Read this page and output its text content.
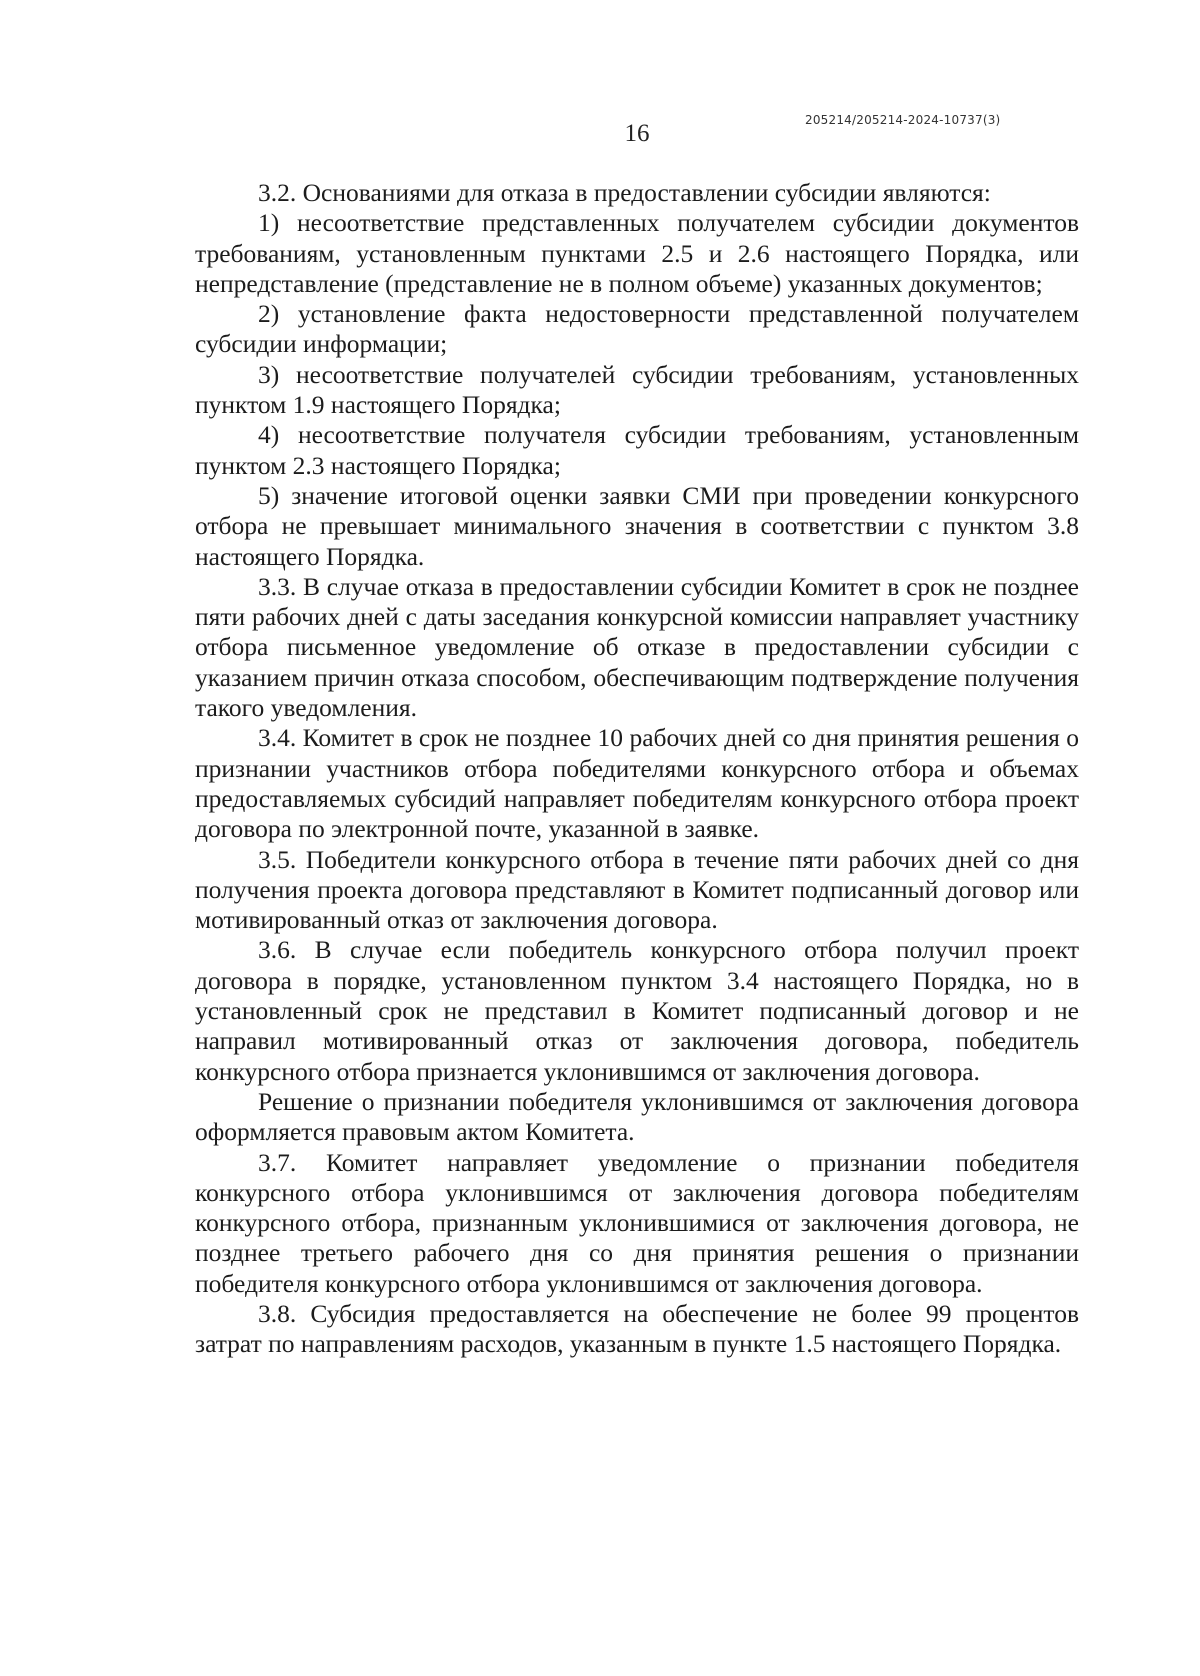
205214/205214-2024-10737(3)
16

3.2. Основаниями для отказа в предоставлении субсидии являются:

1) несоответствие представленных получателем субсидии документов требованиям, установленным пунктами 2.5 и 2.6 настоящего Порядка, или непредставление (представление не в полном объеме) указанных документов;

2) установление факта недостоверности представленной получателем субсидии информации;

3) несоответствие получателей субсидии требованиям, установленных пунктом 1.9 настоящего Порядка;

4) несоответствие получателя субсидии требованиям, установленным пунктом 2.3 настоящего Порядка;

5) значение итоговой оценки заявки СМИ при проведении конкурсного отбора не превышает минимального значения в соответствии с пунктом 3.8 настоящего Порядка.

3.3. В случае отказа в предоставлении субсидии Комитет в срок не позднее пяти рабочих дней с даты заседания конкурсной комиссии направляет участнику отбора письменное уведомление об отказе в предоставлении субсидии с указанием причин отказа способом, обеспечивающим подтверждение получения такого уведомления.

3.4. Комитет в срок не позднее 10 рабочих дней со дня принятия решения о признании участников отбора победителями конкурсного отбора и объемах предоставляемых субсидий направляет победителям конкурсного отбора проект договора по электронной почте, указанной в заявке.

3.5. Победители конкурсного отбора в течение пяти рабочих дней со дня получения проекта договора представляют в Комитет подписанный договор или мотивированный отказ от заключения договора.

3.6. В случае если победитель конкурсного отбора получил проект договора в порядке, установленном пунктом 3.4 настоящего Порядка, но в установленный срок не представил в Комитет подписанный договор и не направил мотивированный отказ от заключения договора, победитель конкурсного отбора признается уклонившимся от заключения договора.

Решение о признании победителя уклонившимся от заключения договора оформляется правовым актом Комитета.

3.7. Комитет направляет уведомление о признании победителя конкурсного отбора уклонившимся от заключения договора победителям конкурсного отбора, признанным уклонившимися от заключения договора, не позднее третьего рабочего дня со дня принятия решения о признании победителя конкурсного отбора уклонившимся от заключения договора.

3.8. Субсидия предоставляется на обеспечение не более 99 процентов затрат по направлениям расходов, указанным в пункте 1.5 настоящего Порядка.
